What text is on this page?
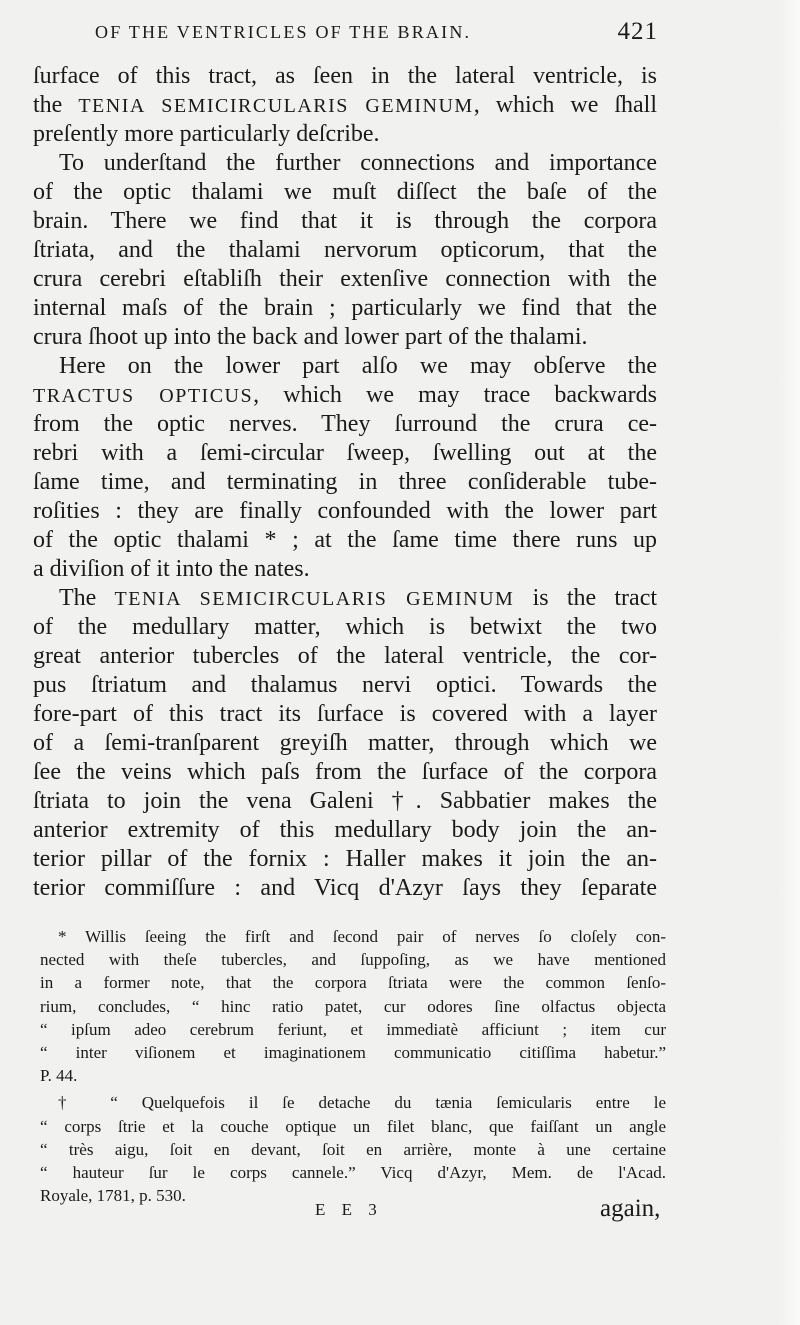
OF THE VENTRICLES OF THE BRAIN.	421
ſurface of this tract, as ſeen in the lateral ventricle, is
the TENIA SEMICIRCULARIS GEMINUM, which we ſhall
preſently more particularly deſcribe.
To underſtand the further connections and importance
of the optic thalami we muſt diſſect the baſe of the
brain. There we find that it is through the corpora
ſtriata, and the thalami nervorum opticorum, that the
crura cerebri eſtabliſh their extenſive connection with the
internal maſs of the brain ; particularly we find that the
crura ſhoot up into the back and lower part of the thalami.
Here on the lower part alſo we may obſerve the
TRACTUS OPTICUS, which we may trace backwards
from the optic nerves. They ſurround the crura ce-
rebri with a ſemi-circular ſweep, ſwelling out at the
ſame time, and terminating in three conſiderable tube-
roſities : they are finally confounded with the lower part
of the optic thalami * ; at the ſame time there runs up
a diviſion of it into the nates.
The TENIA SEMICIRCULARIS GEMINUM is the tract
of the medullary matter, which is betwixt the two
great anterior tubercles of the lateral ventricle, the cor-
pus ſtriatum and thalamus nervi optici. Towards the
fore-part of this tract its ſurface is covered with a layer
of a ſemi-tranſparent greyiſh matter, through which we
ſee the veins which paſs from the ſurface of the corpora
ſtriata to join the vena Galeni †. Sabbatier makes the
anterior extremity of this medullary body join the an-
terior pillar of the fornix : Haller makes it join the an-
terior commiſſure : and Vicq d'Azyr ſays they ſeparate
* Willis ſeeing the firſt and ſecond pair of nerves ſo cloſely con-
nected with theſe tubercles, and ſuppoſing, as we have mentioned
in a former note, that the corpora ſtriata were the common ſenſo-
rium, concludes, “ hinc ratio patet, cur odores ſine olfactus objecta
“ ipſum adeo cerebrum feriunt, et immediatè afficiunt ; item cur
“ inter viſionem et imaginationem communicatio citiſſima habetur.”
P. 44.
† “ Quelquefois il ſe detache du tænia ſemicularis entre le
“ corps ſtrie et la couche optique un filet blanc, que faiſſant un angle
“ très aigu, ſoit en devant, ſoit en arrière, monte à une certaine
“ hauteur ſur le corps cannele.” Vicq d'Azyr, Mem. de l'Acad.
Royale, 1781, p. 530.
E E 3	again,
